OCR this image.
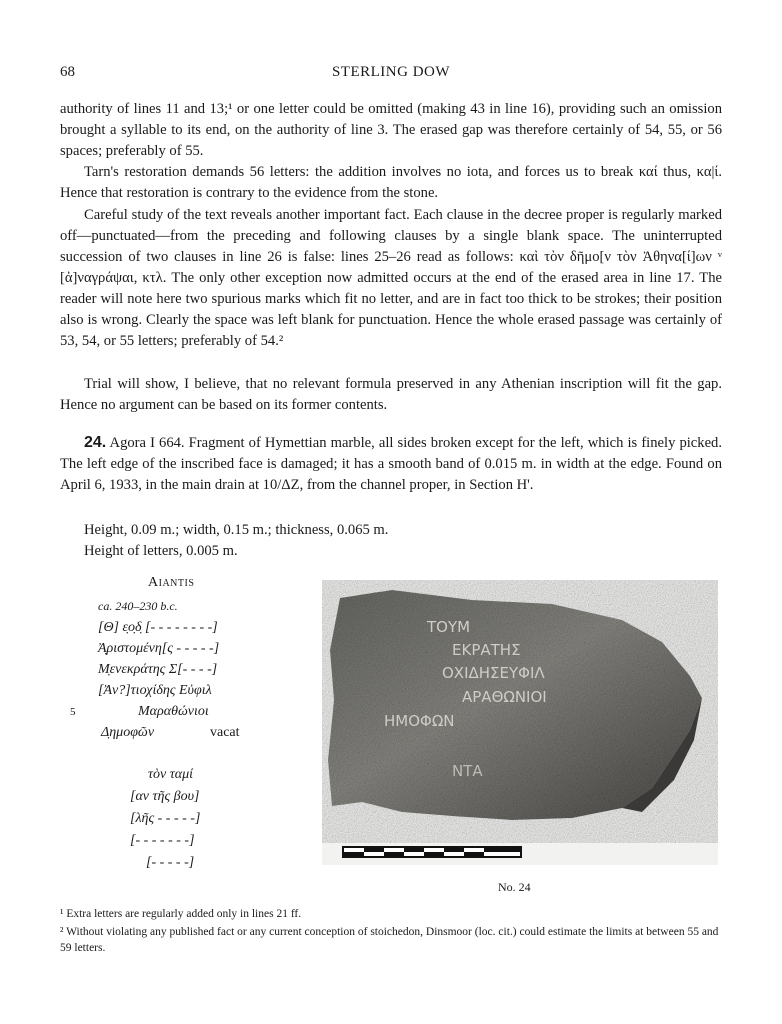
68	STERLING DOW

authority of lines 11 and 13;¹ or one letter could be omitted (making 43 in line 16), providing such an omission brought a syllable to its end, on the authority of line 3. The erased gap was therefore certainly of 54, 55, or 56 spaces; preferably of 55.

Tarn's restoration demands 56 letters: the addition involves no iota, and forces us to break καί thus, κα|ί. Hence that restoration is contrary to the evidence from the stone.

Careful study of the text reveals another important fact. Each clause in the decree proper is regularly marked off—punctuated—from the preceding and following clauses by a single blank space. The uninterrupted succession of two clauses in line 26 is false: lines 25–26 read as follows: καὶ τὸν δῆμο[ν τὸν Ἀθηνα[ί]ων ᵛ [ἀ]ναγράψαι, κτλ. The only other exception now admitted occurs at the end of the erased area in line 17. The reader will note here two spurious marks which fit no letter, and are in fact too thick to be strokes; their position also is wrong. Clearly the space was left blank for punctuation. Hence the whole erased passage was certainly of 53, 54, or 55 letters; preferably of 54.²

Trial will show, I believe, that no relevant formula preserved in any Athenian inscription will fit the gap. Hence no argument can be based on its former contents.

24. Agora I 664. Fragment of Hymettian marble, all sides broken except for the left, which is finely picked. The left edge of the inscribed face is damaged; it has a smooth band of 0.015 m. in width at the edge. Found on April 6, 1933, in the main drain at 10/ΔΖ, from the channel proper, in Section Η'.

Height, 0.09 m.; width, 0.15 m.; thickness, 0.065 m.
Height of letters, 0.005 m.
Aiantis
ca. 240–230 b.c.
[Θ] ε̣ο̣δ̣ [- - - - - - - -]
Ἀ̣ριστομένη[ς - - - - -]
Μ̣ενεκράτης Σ[- - - -]
[Ἀν?]τιοχίδης Εὐφιλ
5	Μαραθώνιοι
Δ̣ημοφῶν	vacat
τὸν ταμί
[αν τῆς βου]
[λῆς - - - - -]
[- - - - - - -]
[- - - - -]
ΤΟΥΜ
ΕΚΡΑΤΗΣ
ΟΧΙΔΗΣΕΥΦΙΛ
ΑΡΑΘΩΝΙΟΙ
ΗΜΟΦΩΝ
ΝΤΑ
No. 24

¹ Extra letters are regularly added only in lines 21 ff.

² Without violating any published fact or any current conception of stoichedon, Dinsmoor (loc. cit.) could estimate the limits at between 55 and 59 letters.
